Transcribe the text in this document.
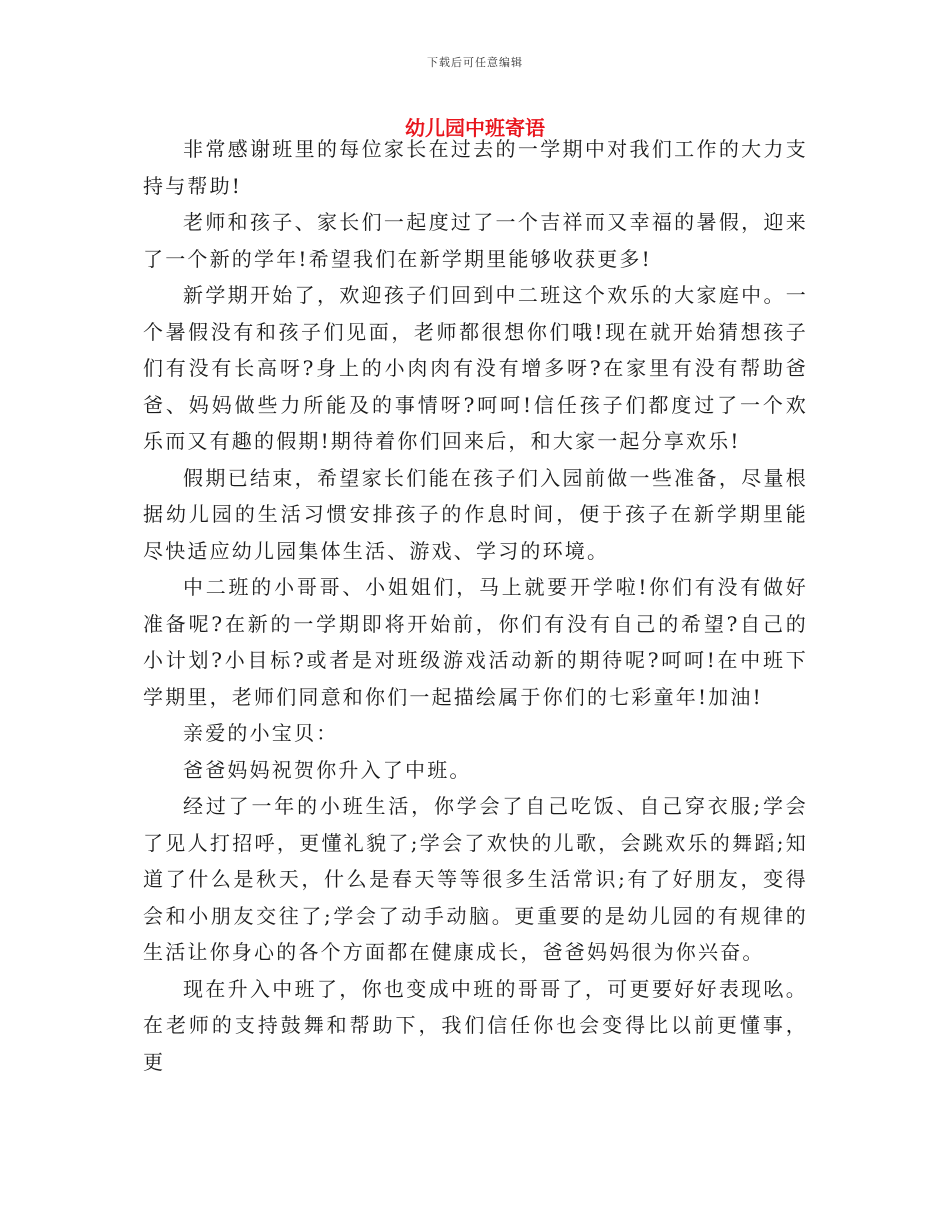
下载后可任意编辑
幼儿园中班寄语

非常感谢班里的每位家长在过去的一学期中对我们工作的大力支持与帮助!

老师和孩子、家长们一起度过了一个吉祥而又幸福的暑假，迎来了一个新的学年!希望我们在新学期里能够收获更多!

新学期开始了，欢迎孩子们回到中二班这个欢乐的大家庭中。一个暑假没有和孩子们见面，老师都很想你们哦!现在就开始猜想孩子们有没有长高呀?身上的小肉肉有没有增多呀?在家里有没有帮助爸爸、妈妈做些力所能及的事情呀?呵呵!信任孩子们都度过了一个欢乐而又有趣的假期!期待着你们回来后，和大家一起分享欢乐!

假期已结束，希望家长们能在孩子们入园前做一些准备，尽量根据幼儿园的生活习惯安排孩子的作息时间，便于孩子在新学期里能尽快适应幼儿园集体生活、游戏、学习的环境。

中二班的小哥哥、小姐姐们，马上就要开学啦!你们有没有做好准备呢?在新的一学期即将开始前，你们有没有自己的希望?自己的小计划?小目标?或者是对班级游戏活动新的期待呢?呵呵!在中班下学期里，老师们同意和你们一起描绘属于你们的七彩童年!加油!

亲爱的小宝贝：

爸爸妈妈祝贺你升入了中班。

经过了一年的小班生活，你学会了自己吃饭、自己穿衣服;学会了见人打招呼，更懂礼貌了;学会了欢快的儿歌，会跳欢乐的舞蹈;知道了什么是秋天，什么是春天等等很多生活常识;有了好朋友，变得会和小朋友交往了;学会了动手动脑。更重要的是幼儿园的有规律的生活让你身心的各个方面都在健康成长，爸爸妈妈很为你兴奋。

现在升入中班了，你也变成中班的哥哥了，可更要好好表现吆。在老师的支持鼓舞和帮助下，我们信任你也会变得比以前更懂事，更
